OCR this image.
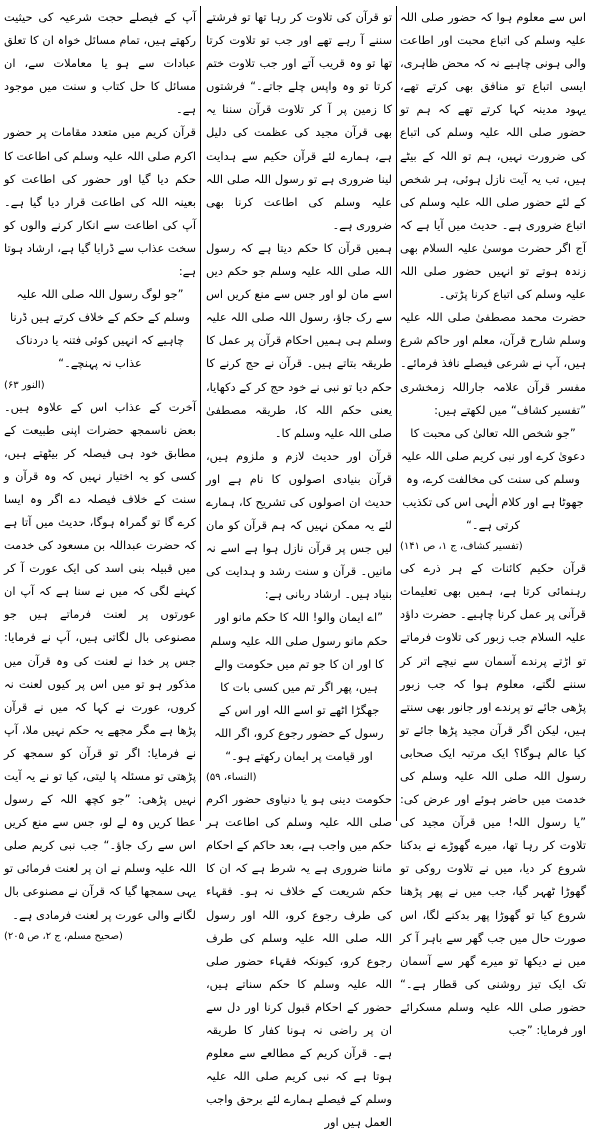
اس سے معلوم ہوا کہ حضور صلی اللہ علیہ وسلم کی اتباع محبت اور اطاعت والی ہونی چاہیے نہ کہ محض ظاہری، ایسی اتباع تو منافق بھی کرتے تھے، یہود مدینہ کہا کرتے تھے کہ ہم تو حضور صلی اللہ علیہ وسلم کی اتباع کی ضرورت نہیں، ہم تو اللہ کے بیٹے ہیں، تب یہ آیت نازل ہوئی، ہر شخص کے لئے حضور صلی اللہ علیہ وسلم کی اتباع ضروری ہے۔ حدیث میں آیا ہے کہ آج اگر حضرت موسیٰ علیہ السلام بھی زندہ ہوتے تو انہیں حضور صلی اللہ علیہ وسلم کی اتباع کرنا پڑتی۔

حضرت محمد مصطفیٰ صلی اللہ علیہ وسلم شارح قرآن، معلم اور حاکم شرع ہیں، آپ نے شرعی فیصلے نافذ فرمائے۔ مفسر قرآن علامہ جاراللہ زمخشری ”تفسیر کشاف“ میں لکھتے ہیں:

”جو شخص اللہ تعالیٰ کی محبت کا دعویٰ کرے اور نبی کریم صلی اللہ علیہ وسلم کی سنت کی مخالفت کرے، وہ جھوٹا ہے اور کلام الٰہی اس کی تکذیب کرتی ہے۔“

(تفسیر کشاف، ج ۱، ص ۱۴۱)

قرآن حکیم کائنات کے ہر ذرے کی رہنمائی کرتا ہے، ہمیں بھی تعلیمات قرآنی پر عمل کرنا چاہیے۔ حضرت داؤد علیہ السلام جب زبور کی تلاوت فرماتے تو اڑتے پرندے آسمان سے نیچے اتر کر سننے لگتے، معلوم ہوا کہ جب زبور پڑھی جائے تو پرندے اور جانور بھی سنتے ہیں، لیکن اگر قرآن مجید پڑھا جائے تو کیا عالم ہوگا؟ ایک مرتبہ ایک صحابی رسول اللہ صلی اللہ علیہ وسلم کی خدمت میں حاضر ہوئے اور عرض کی: ”یا رسول اللہ! میں قرآن مجید کی تلاوت کر رہا تھا، میرے گھوڑے نے بدکنا شروع کر دیا، میں نے تلاوت روکی تو گھوڑا ٹھہر گیا، جب میں نے پھر پڑھنا شروع کیا تو گھوڑا پھر بدکنے لگا، اس صورت حال میں جب گھر سے باہر آ کر میں نے دیکھا تو میرے گھر سے آسمان تک ایک تیز روشنی کی قطار ہے۔“ حضور صلی اللہ علیہ وسلم مسکرائے اور فرمایا: ”جب

تو قرآن کی تلاوت کر رہا تھا تو فرشتے سننے آ رہے تھے اور جب تو تلاوت کرتا تھا تو وہ قریب آتے اور جب تلاوت ختم کرتا تو وہ واپس چلے جاتے۔“ فرشتوں کا زمین پر آ کر تلاوت قرآن سننا یہ بھی قرآن مجید کی عظمت کی دلیل ہے، ہمارے لئے قرآن حکیم سے ہدایت لینا ضروری ہے تو رسول اللہ صلی اللہ علیہ وسلم کی اطاعت کرنا بھی ضروری ہے۔

ہمیں قرآن کا حکم دیتا ہے کہ رسول اللہ صلی اللہ علیہ وسلم جو حکم دیں اسے مان لو اور جس سے منع کریں اس سے رک جاؤ، رسول اللہ صلی اللہ علیہ وسلم ہی ہمیں احکام قرآن پر عمل کا طریقہ بتاتے ہیں۔ قرآن نے حج کرنے کا حکم دیا تو نبی نے خود حج کر کے دکھایا، یعنی حکم اللہ کا، طریقہ مصطفیٰ صلی اللہ علیہ وسلم کا۔

قرآن اور حدیث لازم و ملزوم ہیں، قرآن بنیادی اصولوں کا نام ہے اور حدیث ان اصولوں کی تشریح کا، ہمارے لئے یہ ممکن نہیں کہ ہم قرآن کو مان لیں جس پر قرآن نازل ہوا ہے اسے نہ مانیں۔ قرآن و سنت رشد و ہدایت کی بنیاد ہیں۔ ارشاد ربانی ہے:

”اے ایمان والو! اللہ کا حکم مانو اور حکم مانو رسول صلی اللہ علیہ وسلم کا اور ان کا جو تم میں حکومت والے ہیں، پھر اگر تم میں کسی بات کا جھگڑا اٹھے تو اسے اللہ اور اس کے رسول کے حضور رجوع کرو، اگر اللہ اور قیامت پر ایمان رکھتے ہو۔“

(النساء، ۵۹)

حکومت دینی ہو یا دنیاوی حضور اکرم صلی اللہ علیہ وسلم کی اطاعت ہر حکم میں واجب ہے، بعد حاکم کے احکام ماننا ضروری ہے یہ شرط ہے کہ ان کا حکم شریعت کے خلاف نہ ہو۔ فقہاء کی طرف رجوع کرو، اللہ اور رسول اللہ صلی اللہ علیہ وسلم کی طرف رجوع کرو، کیونکہ فقہاء حضور صلی اللہ علیہ وسلم کا حکم سناتے ہیں، حضور کے احکام قبول کرنا اور دل سے ان پر راضی نہ ہونا کفار کا طریقہ ہے۔ قرآن کریم کے مطالعے سے معلوم ہوتا ہے کہ نبی کریم صلی اللہ علیہ وسلم کے فیصلے ہمارے لئے برحق واجب العمل ہیں اور

آپ کے فیصلے حجت شرعیہ کی حیثیت رکھتے ہیں، تمام مسائل خواہ ان کا تعلق عبادات سے ہو یا معاملات سے، ان مسائل کا حل کتاب و سنت میں موجود ہے۔

قرآن کریم میں متعدد مقامات پر حضور اکرم صلی اللہ علیہ وسلم کی اطاعت کا حکم دیا گیا اور حضور کی اطاعت کو بعینہ اللہ کی اطاعت قرار دیا گیا ہے۔ آپ کی اطاعت سے انکار کرنے والوں کو سخت عذاب سے ڈرایا گیا ہے، ارشاد ہوتا ہے:

”جو لوگ رسول اللہ صلی اللہ علیہ وسلم کے حکم کے خلاف کرتے ہیں ڈرنا چاہیے کہ انہیں کوئی فتنہ یا دردناک عذاب نہ پہنچے۔“

(النور ۶۳)

آخرت کے عذاب اس کے علاوہ ہیں۔ بعض ناسمجھ حضرات اپنی طبیعت کے مطابق خود ہی فیصلہ کر بیٹھتے ہیں، کسی کو یہ اختیار نہیں کہ وہ قرآن و سنت کے خلاف فیصلہ دے اگر وہ ایسا کرے گا تو گمراہ ہوگا، حدیث میں آتا ہے کہ حضرت عبداللہ بن مسعود کی خدمت میں قبیلہ بنی اسد کی ایک عورت آ کر کہنے لگی کہ میں نے سنا ہے کہ آپ ان عورتوں پر لعنت فرماتے ہیں جو مصنوعی بال لگاتی ہیں، آپ نے فرمایا: جس پر خدا نے لعنت کی وہ قرآن میں مذکور ہو تو میں اس پر کیوں لعنت نہ کروں، عورت نے کہا کہ میں نے قرآن پڑھا ہے مگر مجھے یہ حکم نہیں ملا، آپ نے فرمایا: اگر تو قرآن کو سمجھ کر پڑھتی تو مسئلہ پا لیتی، کیا تو نے یہ آیت نہیں پڑھی: ”جو کچھ اللہ کے رسول عطا کریں وہ لے لو، جس سے منع کریں اس سے رک جاؤ۔“ جب نبی کریم صلی اللہ علیہ وسلم نے ان پر لعنت فرمائی تو یہی سمجھا گیا کہ قرآن نے مصنوعی بال لگانے والی عورت پر لعنت فرمادی ہے۔

(صحیح مسلم، ج ۲، ص ۲۰۵)
